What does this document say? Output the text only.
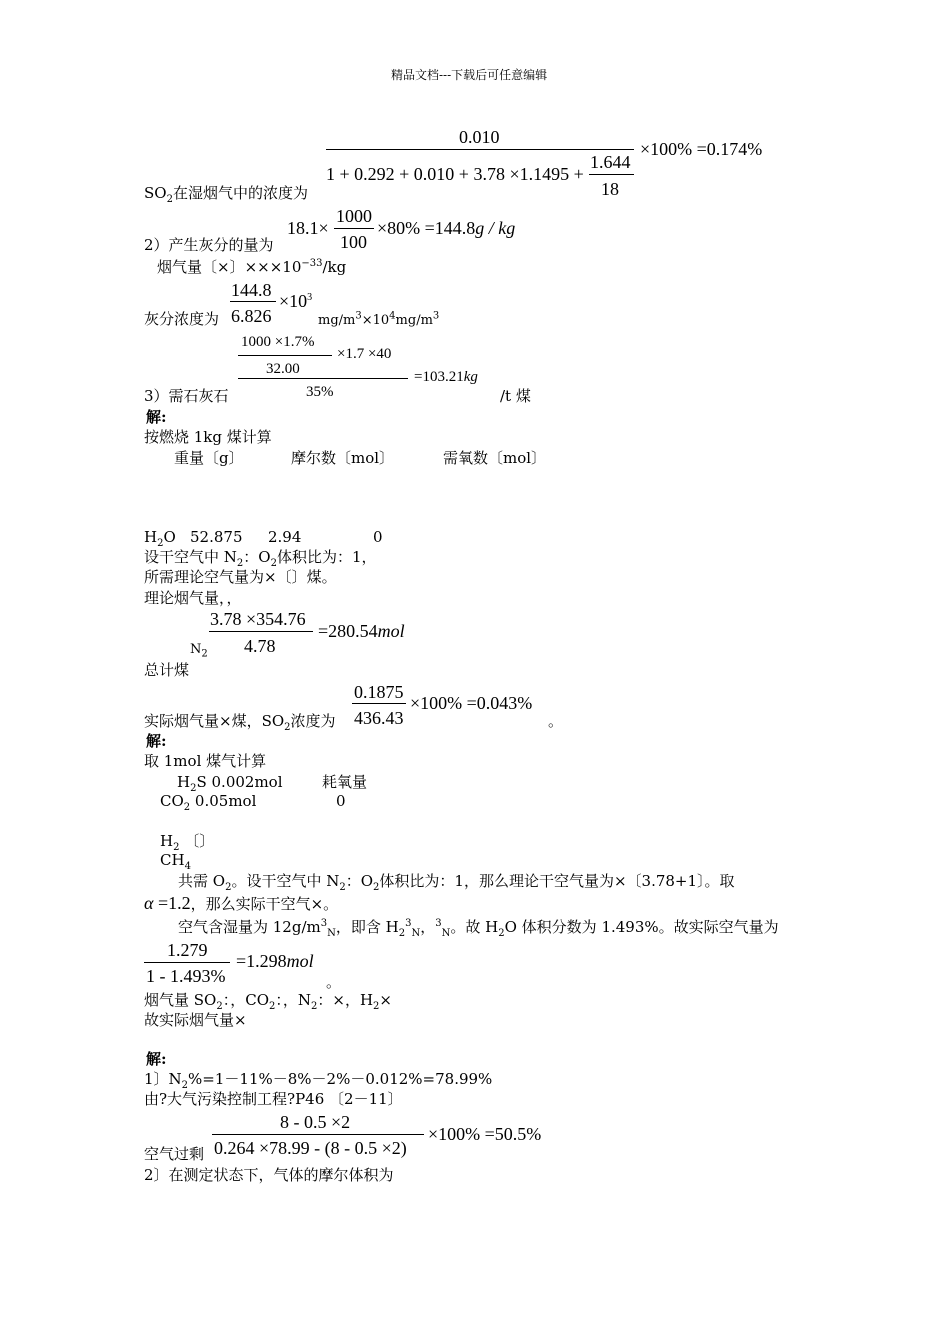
精品文档---下载后可任意编辑
0.010
1 + 0.292 + 0.010 + 3.78 ×1.1495 +
1.644
18
×100% =0.174%
$SO_2$在湿烟气中的浓度为
18.1×
1000
100
×80% =144.8g / kg
2）产生灰分的量为
烟气量〔×〕$\times\times\times 10^{-33}/kg$
144.8
6.826
$\times 10^3$
灰分浓度为	$mg/m^3\times 10^4mg/m^3$
1000 ×1.7%
32.00
×1.7 ×40
35%
=103.21kg
3）需石灰石	/t 煤
解:
按燃烧 1kg 煤计算
重量〔g〕	摩尔数〔mol〕	需氧数〔mol〕
$H_2O$ 52.875 2.94	0
设干空气中 $N_2$：$O_2$体积比为：1，
所需理论空气量为×〔〕煤。
理论烟气量，，
3.78 ×354.76
4.78
=280.54mol
$N_2$
总计煤
0.1875
436.43
×100% =0.043%
实际烟气量×煤，$SO_2$浓度为	。
解:
取 1mol 煤气计算
$H_2S$ 0.002mol	耗氧量
$CO_2$ 0.05mol	0
$H_2$ 〔〕
$CH_4$
共需 $O_2$。设干空气中 $N_2$：$O_2$体积比为：1，那么理论干空气量为×〔3.78+1〕。取
α =1.2，那么实际干空气×。
空气含湿量为 $12g/m^3_N$，即含 $H_2^3_N$，$^3_N$。故 $H_2O$ 体积分数为 1.493%。故实际空气量为
1.279
1 - 1.493%
=1.298mol
。
烟气量 $SO_2$：，$CO_2$：，$N_2$：×，$H_2\times$
故实际烟气量×
解:
1〕$N_2\%=1-11\%-8\%-2\%-0.012\%=78.99\%$
由?大气污染控制工程?P46 〔2－11〕
8 - 0.5 ×2
0.264 ×78.99 - (8 - 0.5 ×2)
×100% =50.5%
空气过剩
2〕在测定状态下，气体的摩尔体积为
